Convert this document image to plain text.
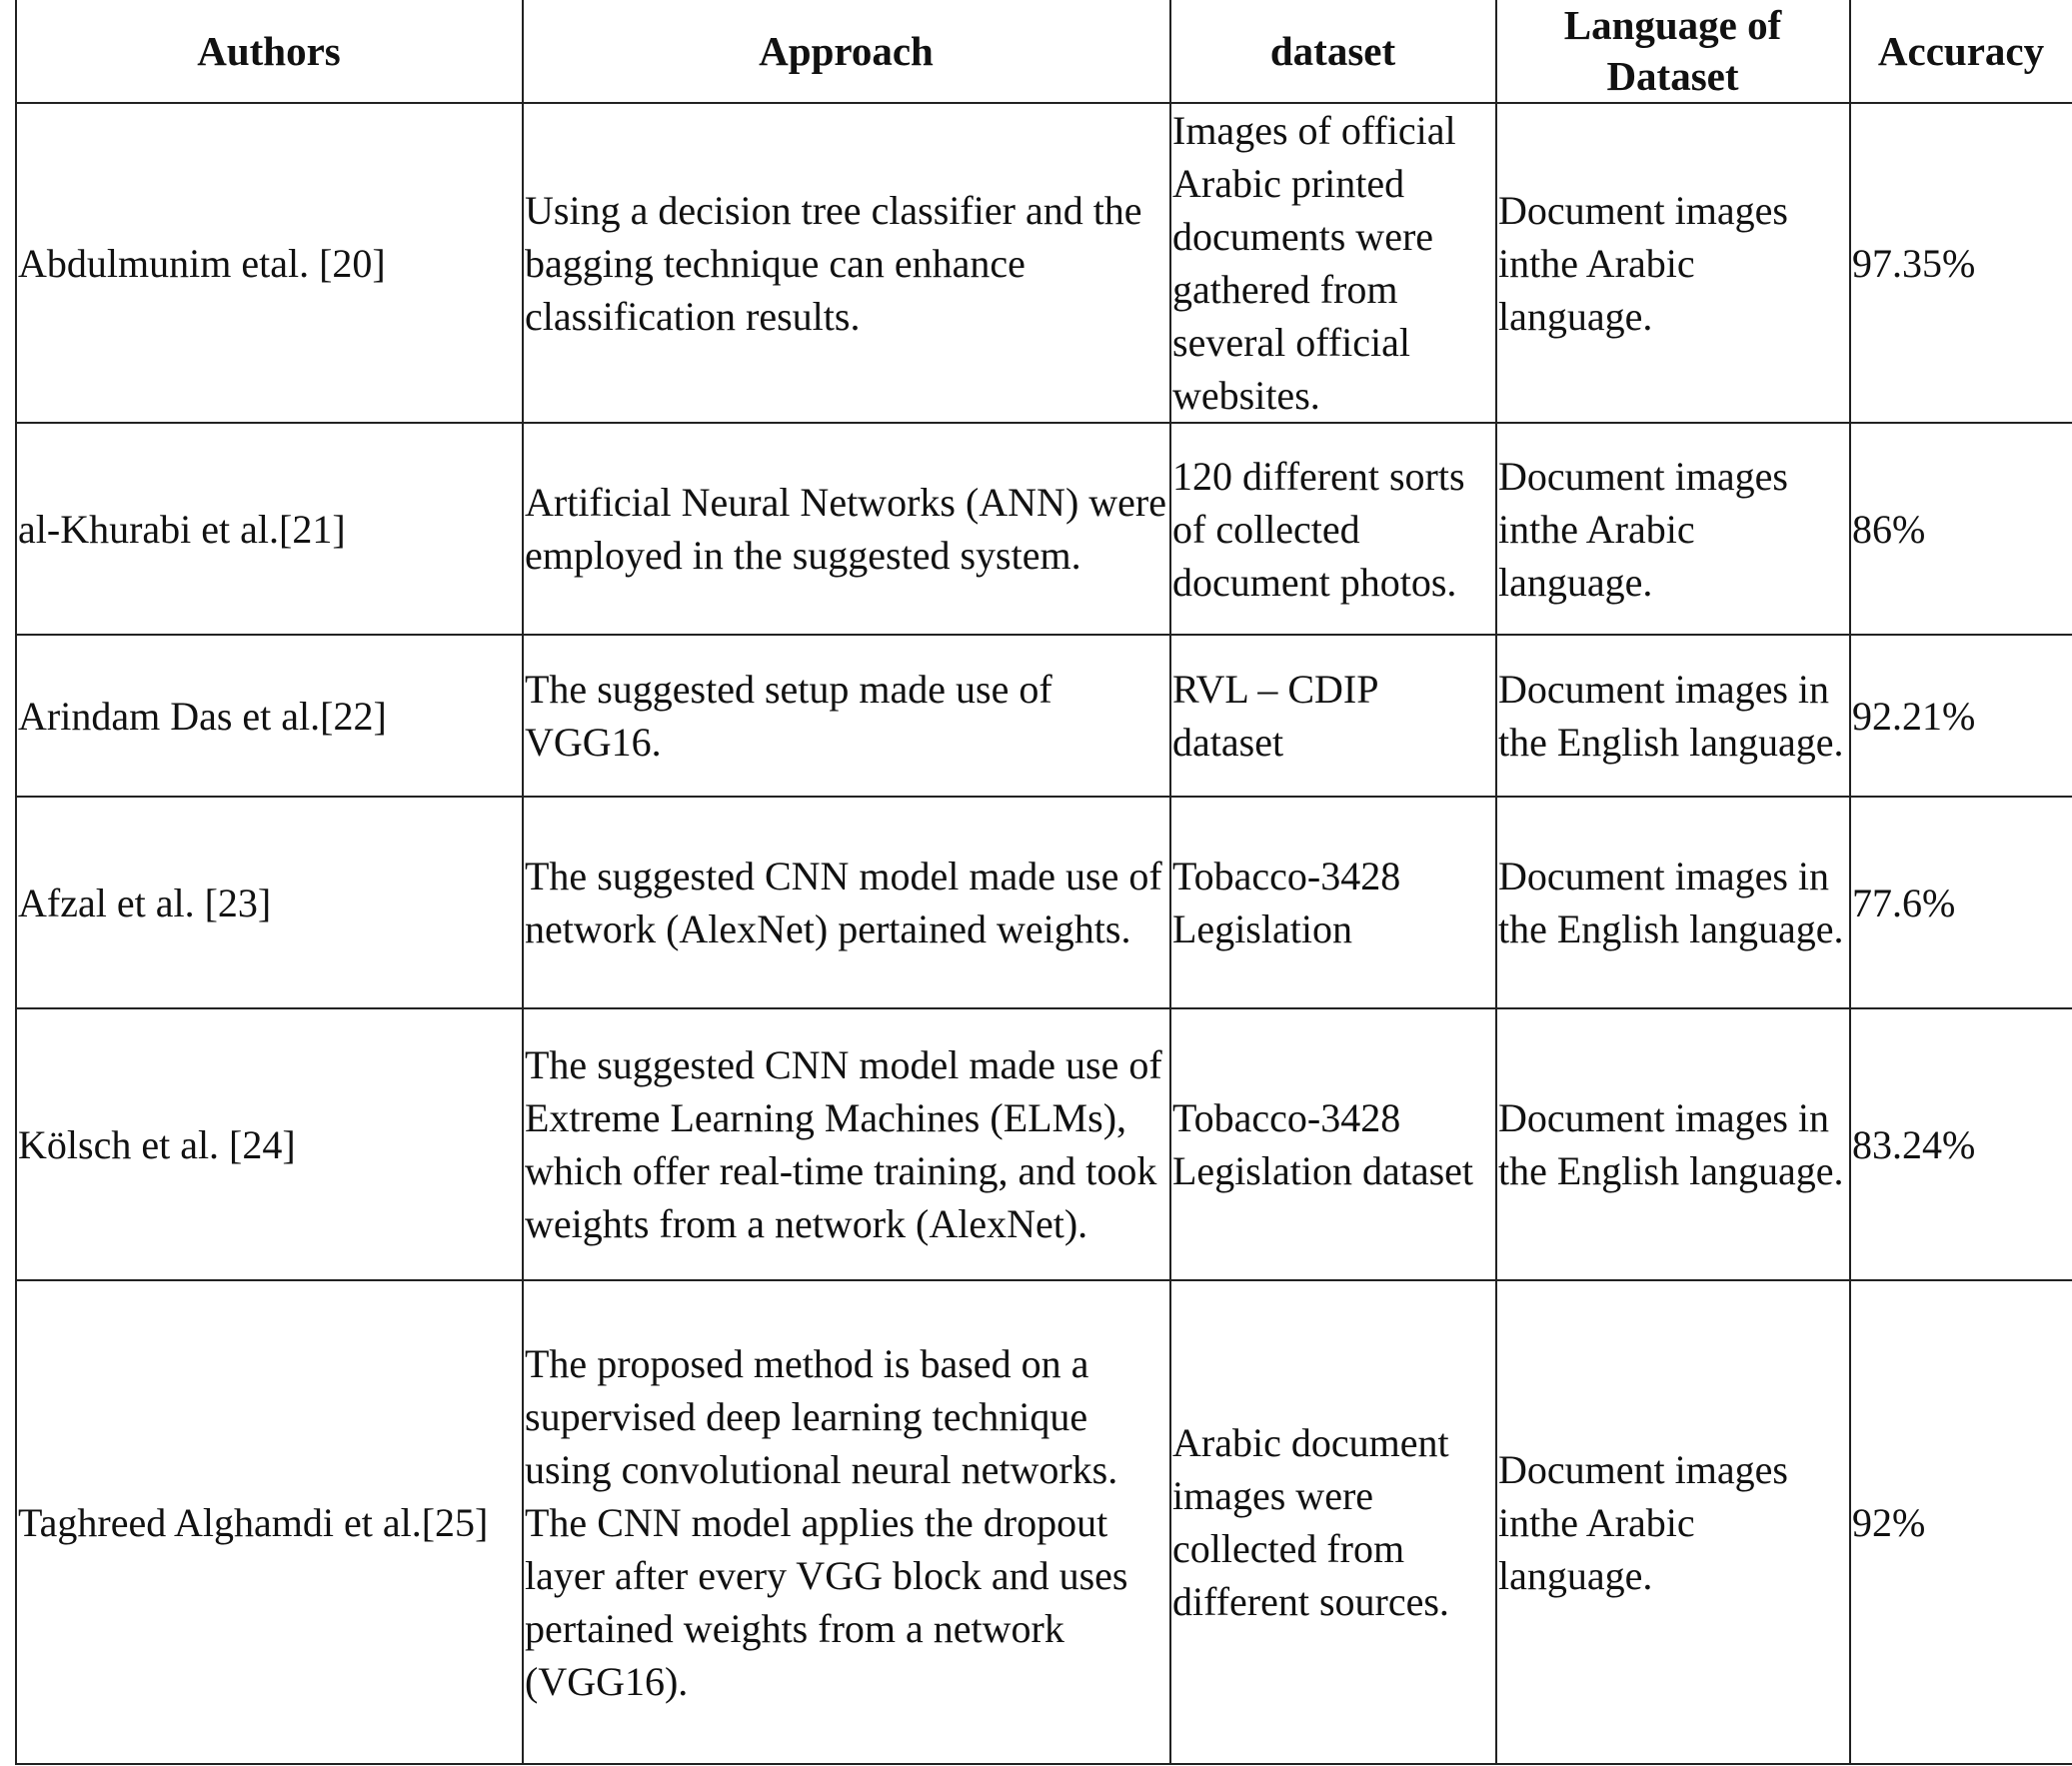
Authors	Approach	dataset	Language of Dataset	Accuracy
Abdulmunim etal. [20]	Using a decision tree classifier and the bagging technique can enhance classification results.	Images of official Arabic printed documents were gathered from several official websites.	Document images inthe Arabic language.	97.35%
al-Khurabi et al.[21]	Artificial Neural Networks (ANN) were employed in the suggested system.	120 different sorts of collected document photos.	Document images inthe Arabic language.	86%
Arindam Das et al.[22]	The suggested setup made use of VGG16.	RVL – CDIP dataset	Document images in the English language.	92.21%
Afzal et al. [23]	The suggested CNN model made use of network (AlexNet) pertained weights.	Tobacco-3428 Legislation	Document images in the English language.	77.6%
Kölsch et al. [24]	The suggested CNN model made use of Extreme Learning Machines (ELMs), which offer real-time training, and took weights from a network (AlexNet).	Tobacco-3428 Legislation dataset	Document images in the English language.	83.24%
Taghreed Alghamdi et al.[25]	The proposed method is based on a supervised deep learning technique using convolutional neural networks. The CNN model applies the dropout layer after every VGG block and uses pertained weights from a network (VGG16).	Arabic document images were collected from different sources.	Document images inthe Arabic language.	92%
